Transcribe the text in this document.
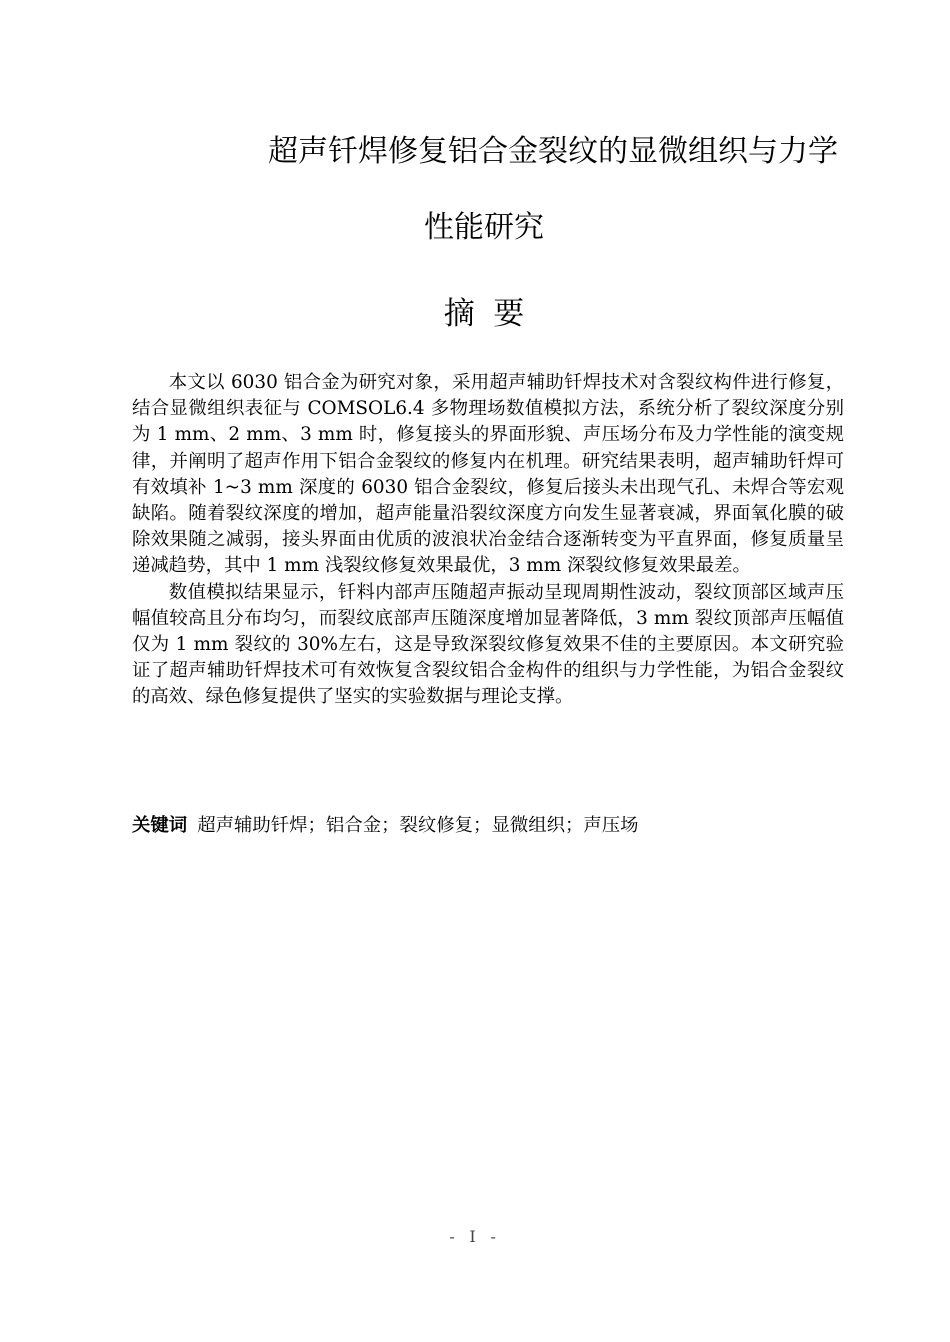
超声钎焊修复铝合金裂纹的显微组织与力学
性能研究
摘要

本文以 6030 铝合金为研究对象，采用超声辅助钎焊技术对含裂纹构件进行修复，结合显微组织表征与 COMSOL6.4 多物理场数值模拟方法，系统分析了裂纹深度分别为 1 mm、2 mm、3 mm 时，修复接头的界面形貌、声压场分布及力学性能的演变规律，并阐明了超声作用下铝合金裂纹的修复内在机理。研究结果表明，超声辅助钎焊可有效填补 1~3 mm 深度的 6030 铝合金裂纹，修复后接头未出现气孔、未焊合等宏观缺陷。随着裂纹深度的增加，超声能量沿裂纹深度方向发生显著衰减，界面氧化膜的破除效果随之减弱，接头界面由优质的波浪状冶金结合逐渐转变为平直界面，修复质量呈递减趋势，其中 1 mm 浅裂纹修复效果最优，3 mm 深裂纹修复效果最差。

数值模拟结果显示，钎料内部声压随超声振动呈现周期性波动，裂纹顶部区域声压幅值较高且分布均匀，而裂纹底部声压随深度增加显著降低，3 mm 裂纹顶部声压幅值仅为 1 mm 裂纹的 30%左右，这是导致深裂纹修复效果不佳的主要原因。本文研究验证了超声辅助钎焊技术可有效恢复含裂纹铝合金构件的组织与力学性能，为铝合金裂纹的高效、绿色修复提供了坚实的实验数据与理论支撑。

关键词 超声辅助钎焊；铝合金；裂纹修复；显微组织；声压场
- I -
